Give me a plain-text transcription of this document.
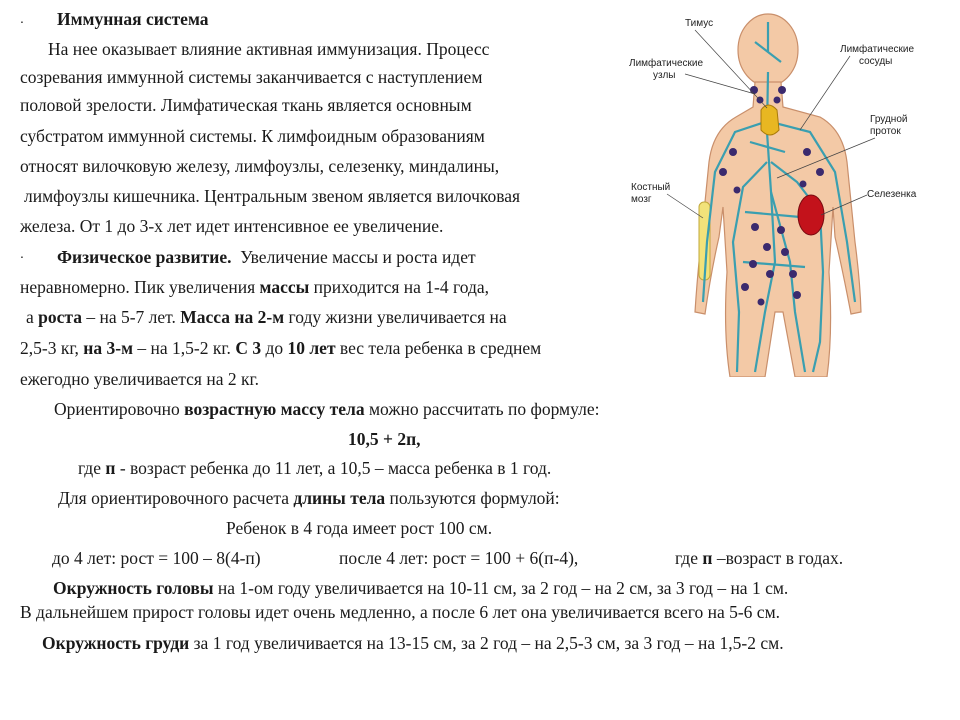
. Иммунная система
На нее оказывает влияние активная иммунизация. Процесс
созревания иммунной системы заканчивается с наступлением
половой зрелости. Лимфатическая ткань является основным
субстратом иммунной системы. К лимфоидным образованиям
относят вилочковую железу, лимфоузлы, селезенку, миндалины,
лимфоузлы кишечника. Центральным звеном является вилочковая
железа. От 1 до 3-х лет идет интенсивное ее увеличение.
. Физическое развитие. Увеличение массы и роста идет
неравномерно. Пик увеличения массы приходится на 1-4 года,
а роста – на 5-7 лет. Масса на 2-м году жизни увеличивается на
2,5-3 кг, на 3-м – на 1,5-2 кг. С 3 до 10 лет вес тела ребенка в среднем
ежегодно увеличивается на 2 кг.
Ориентировочно возрастную массу тела можно рассчитать по формуле:
10,5 + 2п,
где п - возраст ребенка до 11 лет, а 10,5 – масса ребенка в 1 год.
Для ориентировочного расчета длины тела пользуются формулой:
Ребенок в 4 года имеет рост 100 см.
до 4 лет: рост = 100 – 8(4-п)	после 4 лет: рост = 100 + 6(п-4),	где п –возраст в годах.
Окружность головы на 1-ом году увеличивается на 10-11 см, за 2 год – на 2 см, за 3 год – на 1 см.
В дальнейшем прирост головы идет очень медленно, а после 6 лет она увеличивается всего на 5-6 см.
Окружность груди за 1 год увеличивается на 13-15 см, за 2 год – на 2,5-3 см, за 3 год – на 1,5-2 см.
Тимус
Лимфатические узлы
Лимфатические сосуды
Грудной проток
Костный мозг	Селезенка
